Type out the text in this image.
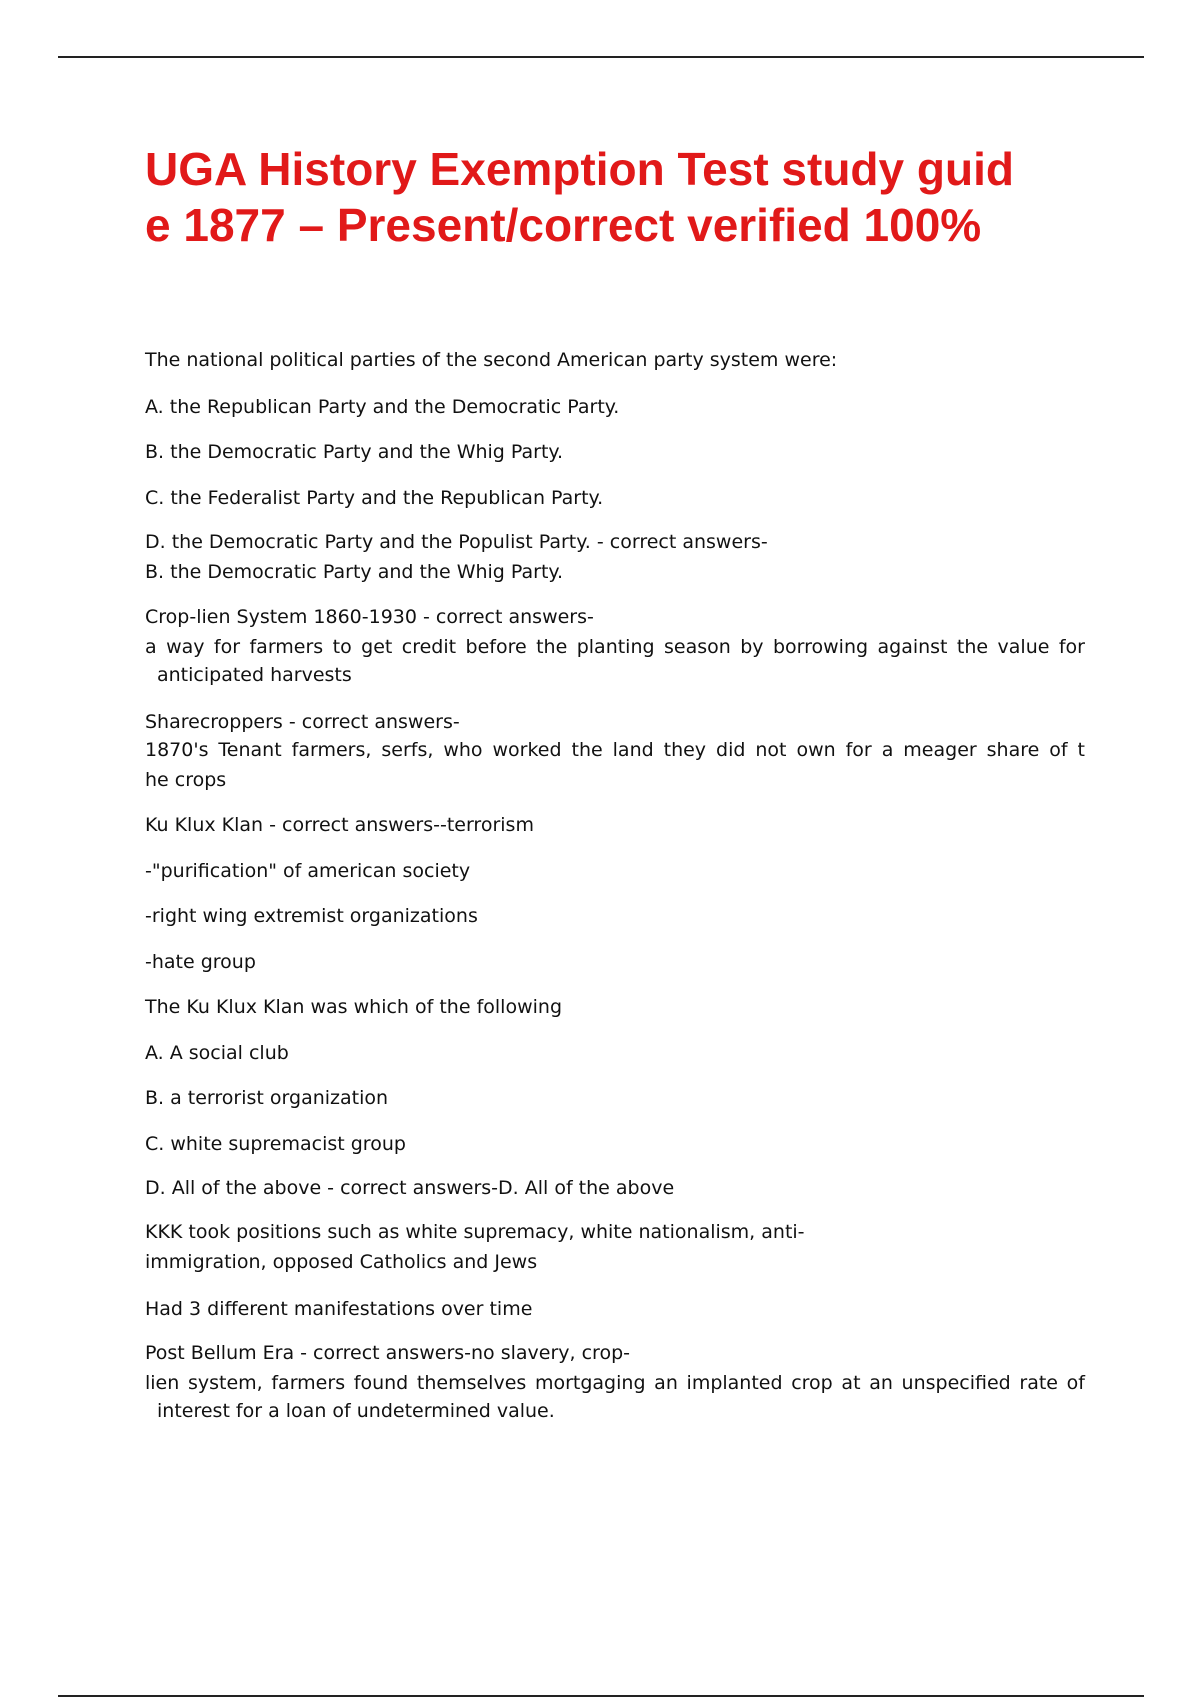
UGA History Exemption Test study guid
e 1877 – Present/correct verified 100%

The national political parties of the second American party system were:

A. the Republican Party and the Democratic Party.

B. the Democratic Party and the Whig Party.

C. the Federalist Party and the Republican Party.

D. the Democratic Party and the Populist Party. - correct answers-

B. the Democratic Party and the Whig Party.

Crop-lien System 1860-1930 - correct answers-

a way for farmers to get credit before the planting season by borrowing against the value for

anticipated harvests

Sharecroppers - correct answers-

1870's Tenant farmers, serfs, who worked the land they did not own for a meager share of t

he crops

Ku Klux Klan - correct answers--terrorism

-"purification" of american society

-right wing extremist organizations

-hate group

The Ku Klux Klan was which of the following

A. A social club

B. a terrorist organization

C. white supremacist group

D. All of the above - correct answers-D. All of the above

KKK took positions such as white supremacy, white nationalism, anti-

immigration, opposed Catholics and Jews

Had 3 different manifestations over time

Post Bellum Era - correct answers-no slavery, crop-

lien system, farmers found themselves mortgaging an implanted crop at an unspecified rate of

interest for a loan of undetermined value.
